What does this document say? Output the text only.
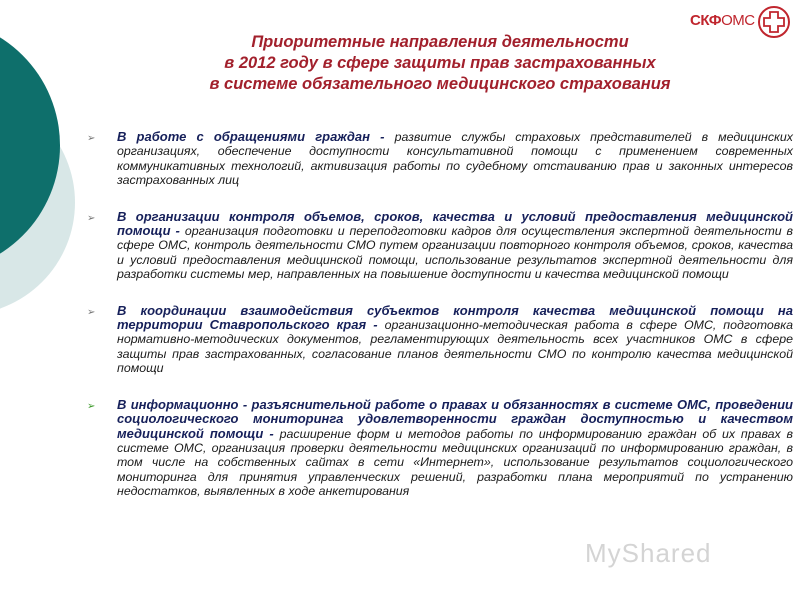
СКФОМС
Приоритетные направления деятельности
в 2012 году в сфере защиты прав застрахованных
в системе обязательного медицинского страхования
➢ В работе с обращениями граждан - развитие службы страховых представителей в медицинских организациях, обеспечение доступности консультативной помощи с применением современных коммуникативных технологий, активизация работы по судебному отстаиванию прав и законных интересов застрахованных лиц
➢ В организации контроля объемов, сроков, качества и условий предоставления медицинской помощи - организация подготовки и переподготовки кадров для осуществления экспертной деятельности в сфере ОМС, контроль деятельности СМО путем организации повторного контроля объемов, сроков, качества и условий предоставления медицинской помощи, использование результатов экспертной деятельности для разработки системы мер, направленных на повышение доступности и качества медицинской помощи
➢ В координации взаимодействия субъектов контроля качества медицинской помощи на территории Ставропольского края - организационно-методическая работа в сфере ОМС, подготовка нормативно-методических документов, регламентирующих деятельность всех участников ОМС в сфере защиты прав застрахованных, согласование планов деятельности СМО по контролю качества медицинской помощи
➢ В информационно - разъяснительной работе о правах и обязанностях в системе ОМС, проведении социологического мониторинга удовлетворенности граждан доступностью и качеством медицинской помощи - расширение форм и методов работы по информированию граждан об их правах в системе ОМС, организация проверки деятельности медицинских организаций по информированию граждан, в том числе на собственных сайтах в сети «Интернет», использование результатов социологического мониторинга для принятия управленческих решений, разработки плана мероприятий по устранению недостатков, выявленных в ходе анкетирования
MyShared
